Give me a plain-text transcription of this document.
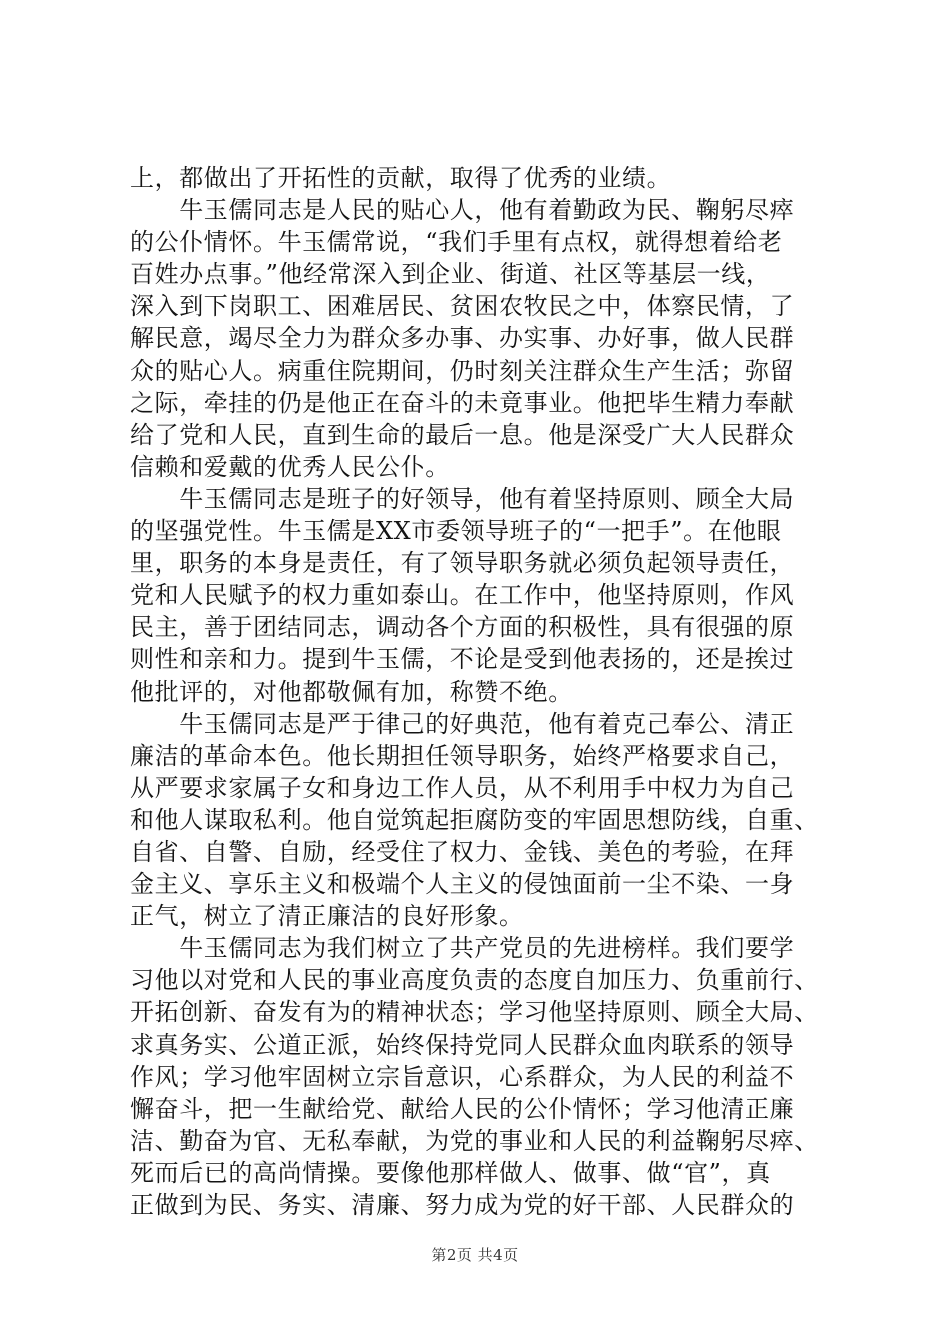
上，都做出了开拓性的贡献，取得了优秀的业绩。
　　牛玉儒同志是人民的贴心人，他有着勤政为民、鞠躬尽瘁
的公仆情怀。牛玉儒常说，“我们手里有点权，就得想着给老
百姓办点事。”他经常深入到企业、街道、社区等基层一线，
深入到下岗职工、困难居民、贫困农牧民之中，体察民情，了
解民意，竭尽全力为群众多办事、办实事、办好事，做人民群
众的贴心人。病重住院期间，仍时刻关注群众生产生活；弥留
之际，牵挂的仍是他正在奋斗的未竟事业。他把毕生精力奉献
给了党和人民，直到生命的最后一息。他是深受广大人民群众
信赖和爱戴的优秀人民公仆。
　　牛玉儒同志是班子的好领导，他有着坚持原则、顾全大局
的坚强党性。牛玉儒是XX市委领导班子的“一把手”。在他眼
里，职务的本身是责任，有了领导职务就必须负起领导责任，
党和人民赋予的权力重如泰山。在工作中，他坚持原则，作风
民主，善于团结同志，调动各个方面的积极性，具有很强的原
则性和亲和力。提到牛玉儒，不论是受到他表扬的，还是挨过
他批评的，对他都敬佩有加，称赞不绝。
　　牛玉儒同志是严于律己的好典范，他有着克己奉公、清正
廉洁的革命本色。他长期担任领导职务，始终严格要求自己，
从严要求家属子女和身边工作人员，从不利用手中权力为自己
和他人谋取私利。他自觉筑起拒腐防变的牢固思想防线，自重、
自省、自警、自励，经受住了权力、金钱、美色的考验，在拜
金主义、享乐主义和极端个人主义的侵蚀面前一尘不染、一身
正气，树立了清正廉洁的良好形象。
　　牛玉儒同志为我们树立了共产党员的先进榜样。我们要学
习他以对党和人民的事业高度负责的态度自加压力、负重前行、
开拓创新、奋发有为的精神状态；学习他坚持原则、顾全大局、
求真务实、公道正派，始终保持党同人民群众血肉联系的领导
作风；学习他牢固树立宗旨意识，心系群众，为人民的利益不
懈奋斗，把一生献给党、献给人民的公仆情怀；学习他清正廉
洁、勤奋为官、无私奉献，为党的事业和人民的利益鞠躬尽瘁、
死而后已的高尚情操。要像他那样做人、做事、做“官”，真
正做到为民、务实、清廉、努力成为党的好干部、人民群众的
第2页 共4页
